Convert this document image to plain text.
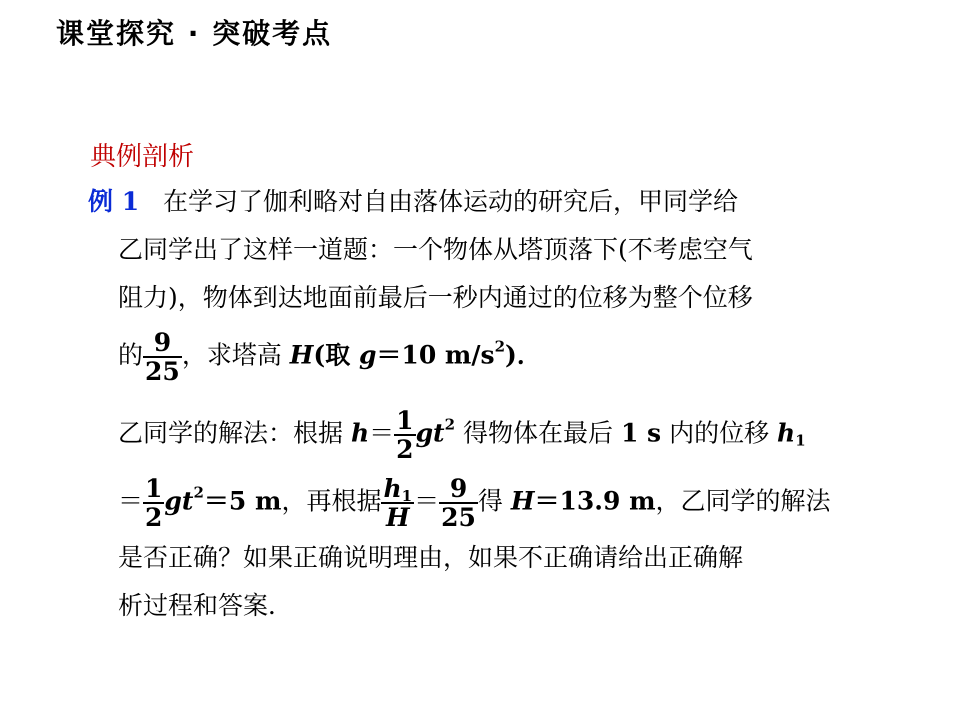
课堂探究 · 突破考点
典例剖析
例 1 在学习了伽利略对自由落体运动的研究后，甲同学给
乙同学出了这样一道题：一个物体从塔顶落下(不考虑空气
阻力)，物体到达地面前最后一秒内通过的位移为整个位移
的 $\frac{9}{25}$ ，求塔高 H(取 g＝10 $m/s^2$)．
乙同学的解法：根据 $h= \frac{1}{2} gt^2$ 得物体在最后 1 s 内的位移 $h_1$
＝ $\frac{1}{2} gt^2=5$ m，再根据 $\frac{h_1}{H} = \frac{9}{25}$ 得 H＝13.9 m，乙同学的解法
是否正确？如果正确说明理由，如果不正确请给出正确解
析过程和答案．
